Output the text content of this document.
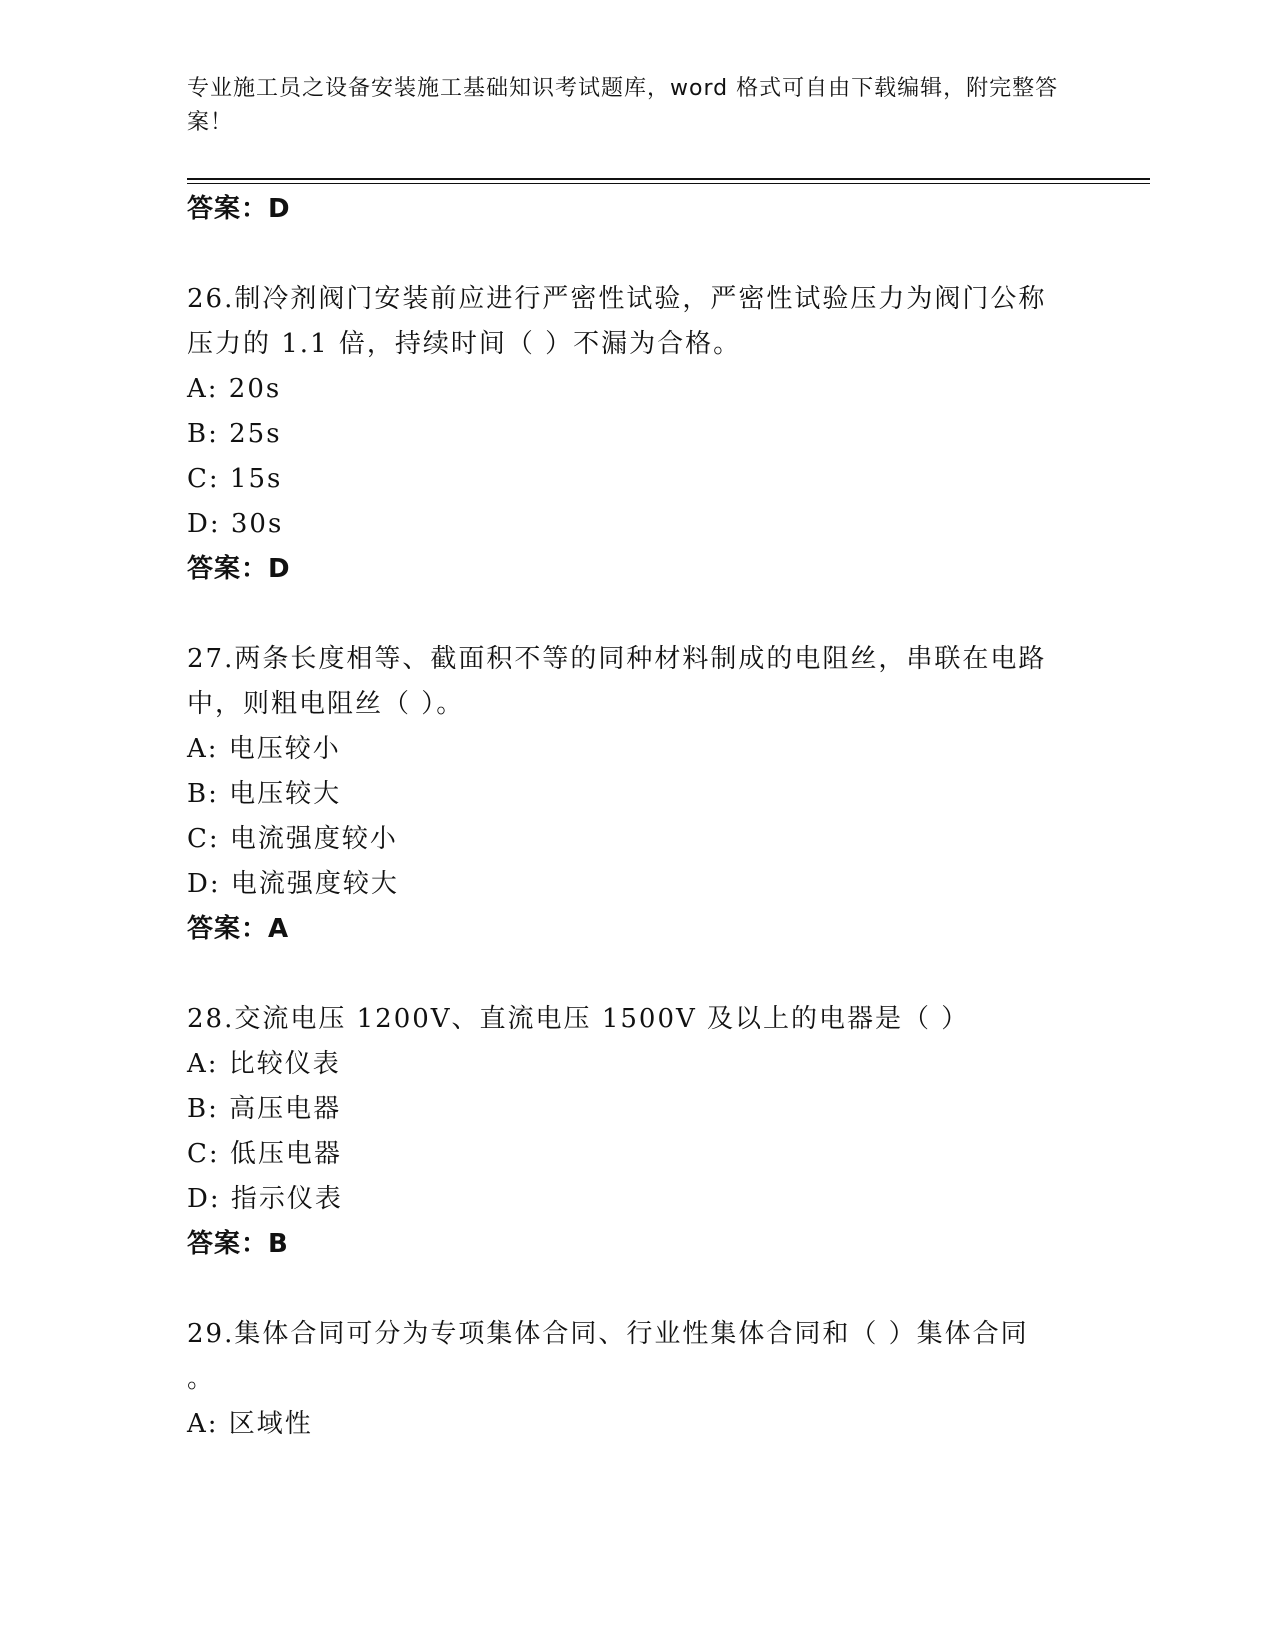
专业施工员之设备安装施工基础知识考试题库，word 格式可自由下载编辑，附完整答案！
答案：D
26.制冷剂阀门安装前应进行严密性试验，严密性试验压力为阀门公称
压力的 1.1 倍，持续时间（ ）不漏为合格。
A: 20s
B: 25s
C: 15s
D: 30s
答案：D
27.两条长度相等、截面积不等的同种材料制成的电阻丝，串联在电路
中，则粗电阻丝（ ）。
A: 电压较小
B: 电压较大
C: 电流强度较小
D: 电流强度较大
答案：A
28.交流电压 1200V、直流电压 1500V 及以上的电器是（ ）
A: 比较仪表
B: 高压电器
C: 低压电器
D: 指示仪表
答案：B
29.集体合同可分为专项集体合同、行业性集体合同和（ ）集体合同
。
A: 区域性
